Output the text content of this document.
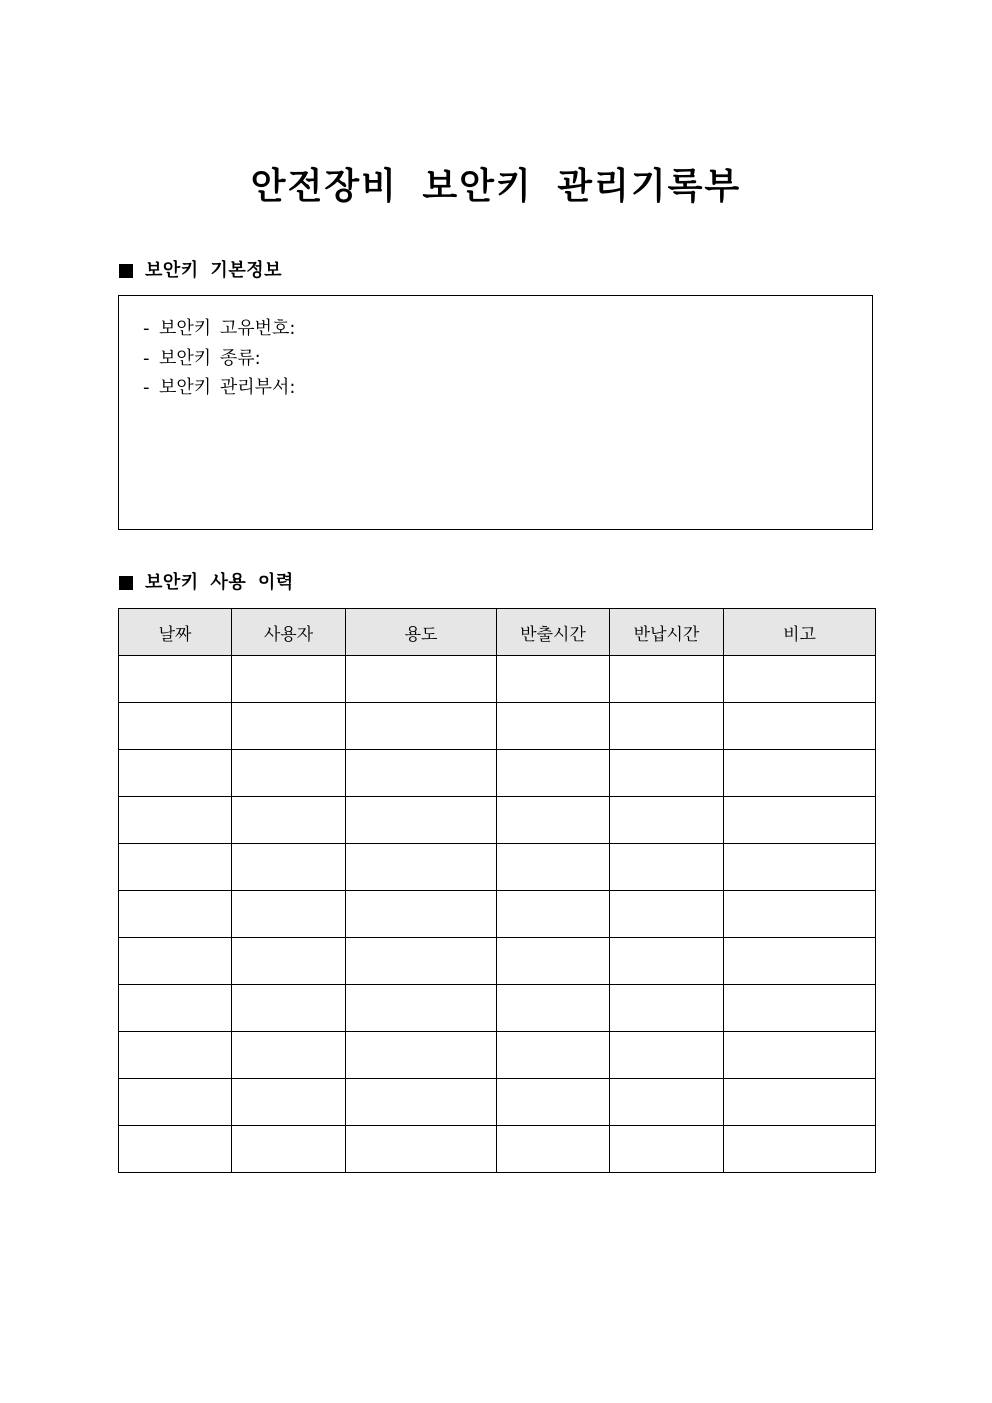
안전장비 보안키 관리기록부
보안키 기본정보
- 보안키 고유번호:
- 보안키 종류:
- 보안키 관리부서:
보안키 사용 이력
날짜	사용자	용도	반출시간	반납시간	비고
